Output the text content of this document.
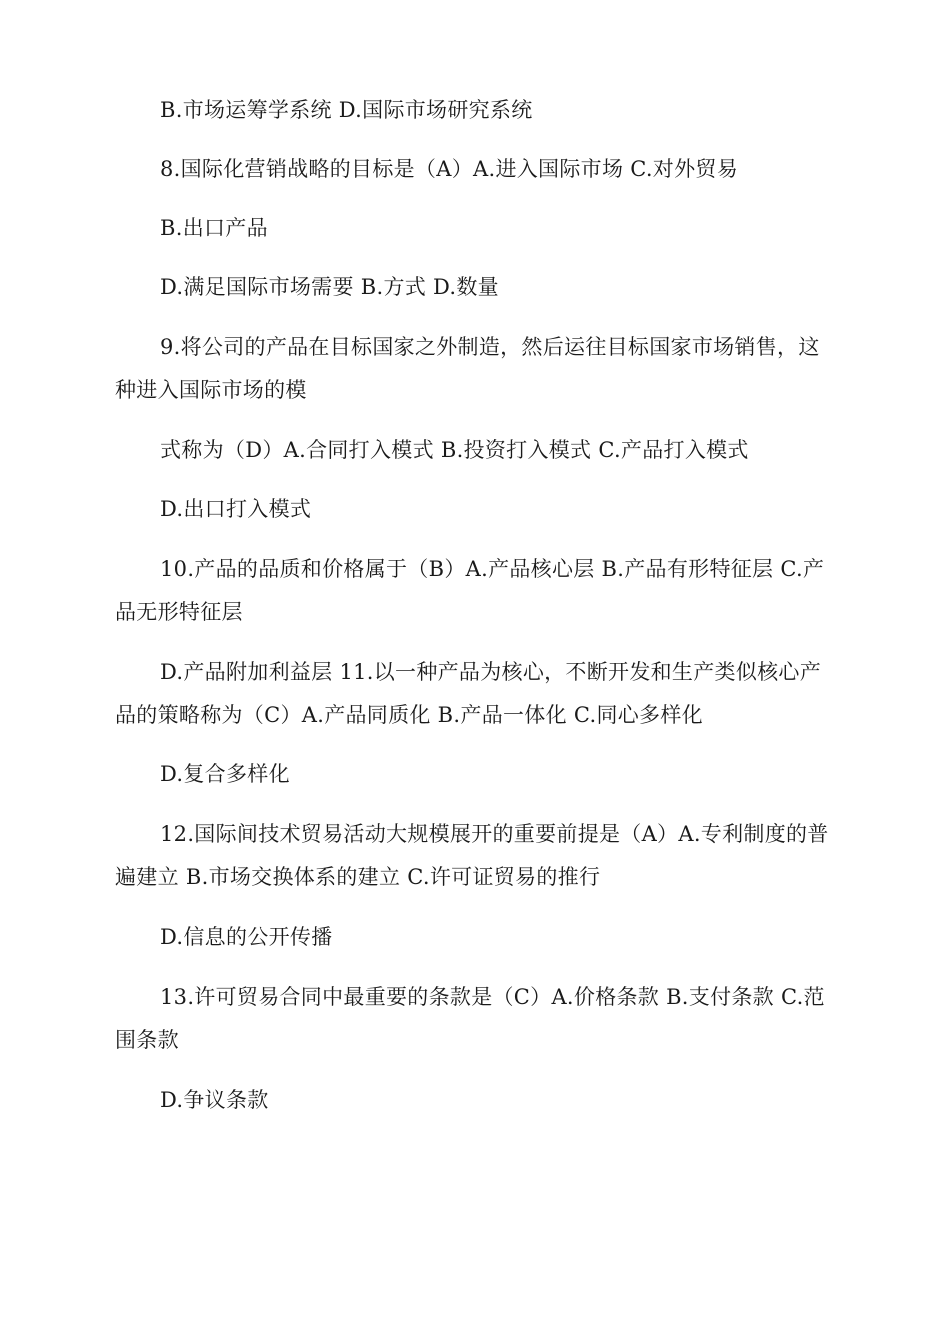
B.市场运筹学系统 D.国际市场研究系统

8.国际化营销战略的目标是（A）A.进入国际市场 C.对外贸易

B.出口产品

D.满足国际市场需要 B.方式 D.数量

9.将公司的产品在目标国家之外制造，然后运往目标国家市场销售，这种进入国际市场的模

式称为（D）A.合同打入模式 B.投资打入模式 C.产品打入模式

D.出口打入模式

10.产品的品质和价格属于（B）A.产品核心层 B.产品有形特征层 C.产品无形特征层

D.产品附加利益层 11.以一种产品为核心，不断开发和生产类似核心产品的策略称为（C）A.产品同质化 B.产品一体化 C.同心多样化

D.复合多样化

12.国际间技术贸易活动大规模展开的重要前提是（A）A.专利制度的普遍建立 B.市场交换体系的建立 C.许可证贸易的推行

D.信息的公开传播

13.许可贸易合同中最重要的条款是（C）A.价格条款 B.支付条款 C.范围条款

D.争议条款
